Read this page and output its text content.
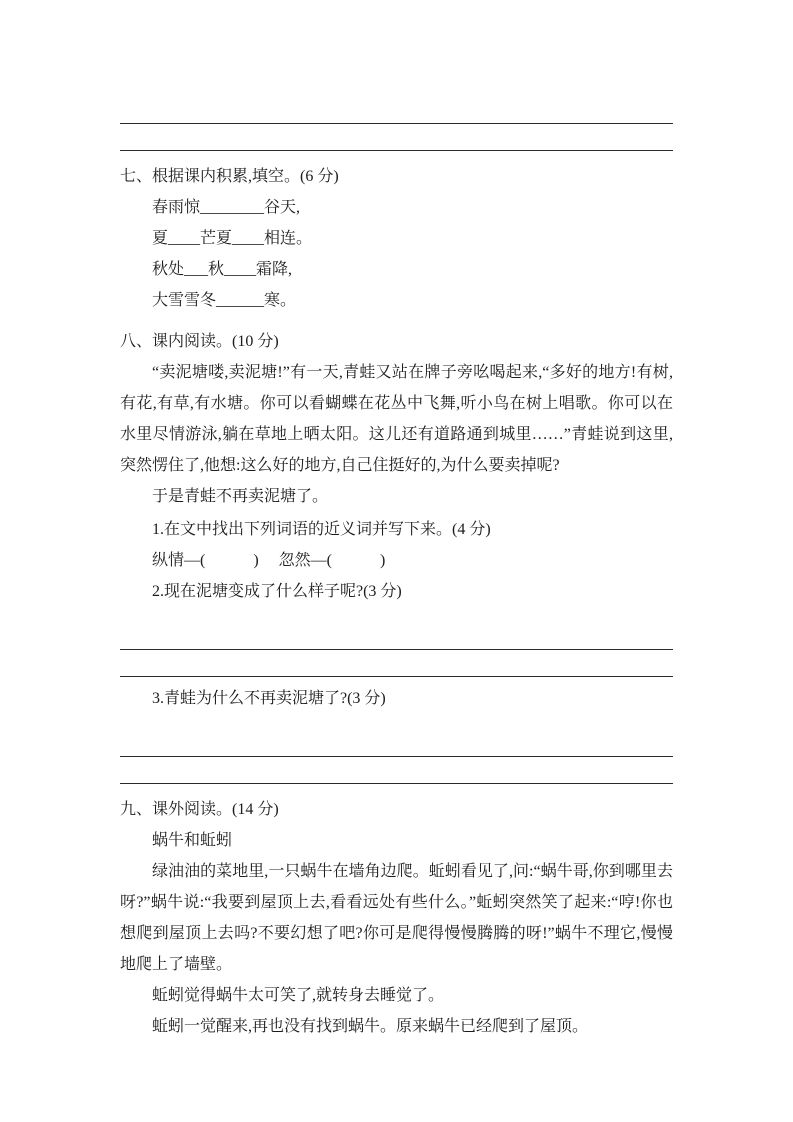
七、根据课内积累,填空。(6 分)
春雨惊________谷天,
夏____芒夏____相连。
秋处___秋____霜降,
大雪雪冬______寒。
八、课内阅读。(10 分)

“卖泥塘喽,卖泥塘!”有一天,青蛙又站在牌子旁吆喝起来,“多好的地方!有树,有花,有草,有水塘。你可以看蝴蝶在花丛中飞舞,听小鸟在树上唱歌。你可以在水里尽情游泳,躺在草地上晒太阳。这儿还有道路通到城里……”青蛙说到这里,突然愣住了,他想:这么好的地方,自己住挺好的,为什么要卖掉呢?

于是青蛙不再卖泥塘了。

1.在文中找出下列词语的近义词并写下来。(4 分)

纵情—(　　　)　 忽然—(　　　)

2.现在泥塘变成了什么样子呢?(3 分)

3.青蛙为什么不再卖泥塘了?(3 分)

九、课外阅读。(14 分)

蜗牛和蚯蚓

绿油油的菜地里,一只蜗牛在墙角边爬。蚯蚓看见了,问:“蜗牛哥,你到哪里去呀?”蜗牛说:“我要到屋顶上去,看看远处有些什么。”蚯蚓突然笑了起来:“哼!你也想爬到屋顶上去吗?不要幻想了吧?你可是爬得慢慢腾腾的呀!”蜗牛不理它,慢慢地爬上了墙壁。

蚯蚓觉得蜗牛太可笑了,就转身去睡觉了。

蚯蚓一觉醒来,再也没有找到蜗牛。原来蜗牛已经爬到了屋顶。
